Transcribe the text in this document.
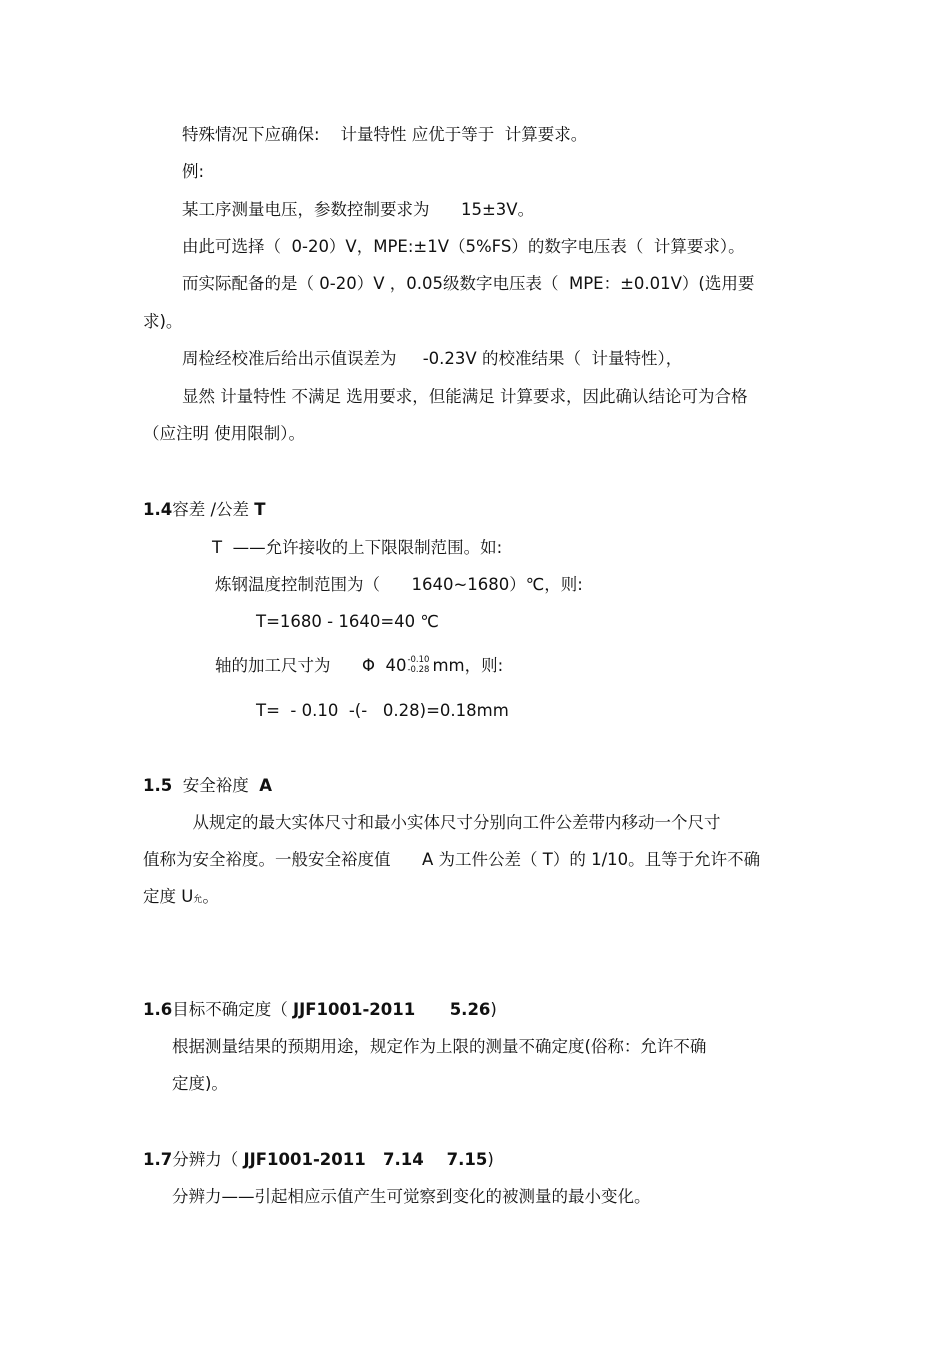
特殊情况下应确保:    计量特性 应优于等于  计算要求。
例:
某工序测量电压，参数控制要求为      15±3V。
由此可选择（  0-20）V，MPE:±1V（5%FS）的数字电压表（  计算要求）。
而实际配备的是（ 0-20）V ，0.05级数字电压表（  MPE：±0.01V）(选用要
求)。
周检经校准后给出示值误差为     -0.23V 的校准结果（  计量特性），
显然 计量特性 不满足 选用要求，但能满足 计算要求，因此确认结论可为合格
（应注明 使用限制）。
1.4容差 /公差 T
T  ——允许接收的上下限限制范围。如:
炼钢温度控制范围为（      1640~1680）℃，则:
T=1680 - 1640=40 ℃
轴的加工尺寸为      Φ  40 -0.10
-0.28 mm，则:
T=  - 0.10  -(-   0.28)=0.18mm
1.5  安全裕度  A
从规定的最大实体尺寸和最小实体尺寸分别向工件公差带内移动一个尺寸
值称为安全裕度。一般安全裕度值      A 为工件公差（ T）的 1/10。且等于允许不确
定度 U允。
1.6目标不确定度（ JJF1001-2011      5.26)
根据测量结果的预期用途，规定作为上限的测量不确定度(俗称：允许不确
定度)。
1.7分辨力（ JJF1001-2011   7.14    7.15)
分辨力——引起相应示值产生可觉察到变化的被测量的最小变化。
